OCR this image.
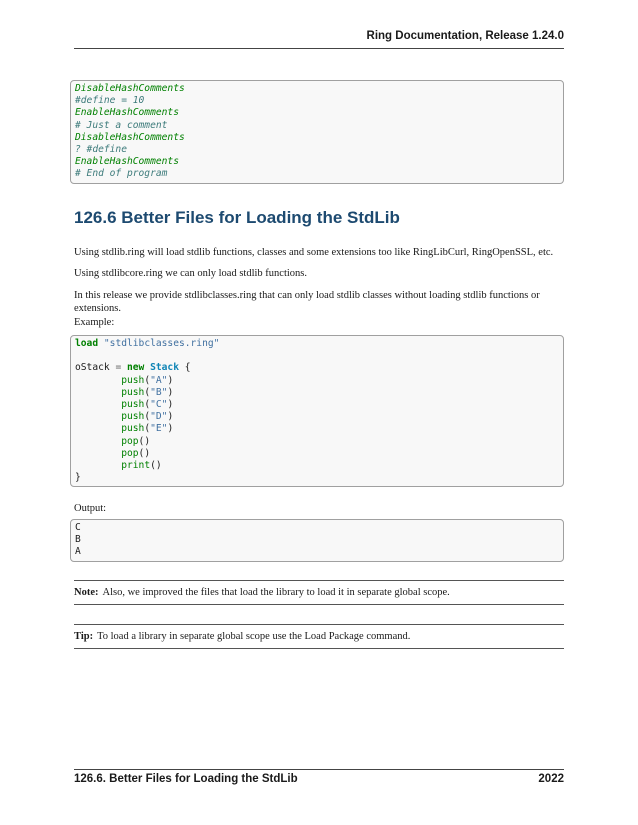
Ring Documentation, Release 1.24.0
DisableHashComments
#define = 10
EnableHashComments
# Just a comment
DisableHashComments
? #define
EnableHashComments
# End of program
126.6 Better Files for Loading the StdLib

Using stdlib.ring will load stdlib functions, classes and some extensions too like RingLibCurl, RingOpenSSL, etc.

Using stdlibcore.ring we can only load stdlib functions.

In this release we provide stdlibclasses.ring that can only load stdlib classes without loading stdlib functions or extensions.

Example:

load "stdlibclasses.ring"
oStack = new Stack {
push("A")
push("B")
push("C")
push("D")
push("E")
pop()
pop()
print()
}

Output:

C
B
A
Note: Also, we improved the files that load the library to load it in separate global scope.
Tip: To load a library in separate global scope use the Load Package command.
126.6. Better Files for Loading the StdLib	2022
